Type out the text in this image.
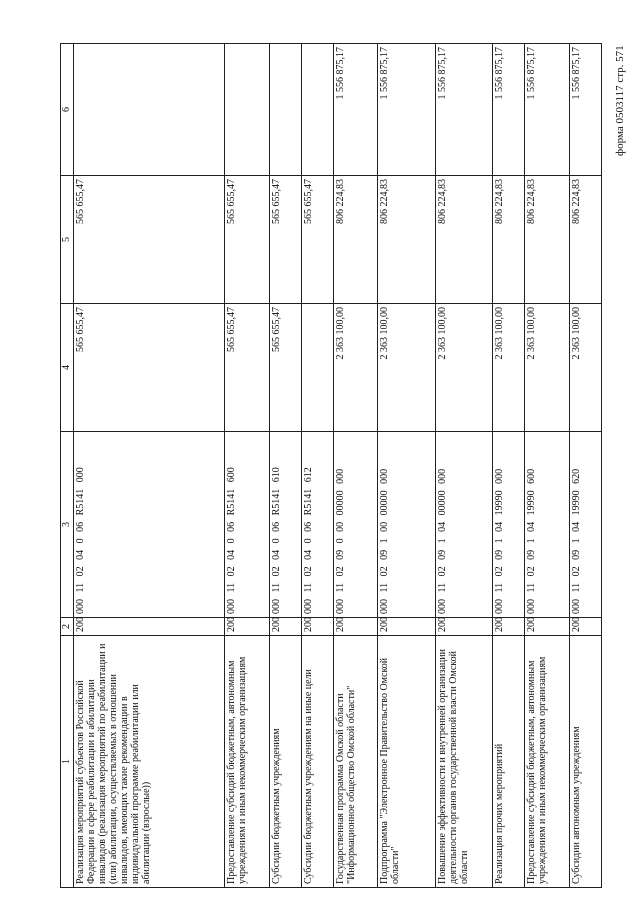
форма 0503117 стр. 571
1	2	3	4	5	6
Реализация мероприятий субъектов Российской Федерации в сфере реабилитации и абилитации инвалидов (реализация мероприятий по реабилитации и (или) абилитации, осуществляемых в отношении инвалидов, имеющих такие рекомендации в индивидуальной программе реабилитации или абилитации (взрослые))	200	000 11 02 04 0 06 R5141 000	565 655,47	565 655,47	
Предоставление субсидий бюджетным, автономным учреждениям и иным некоммерческим организациям	200	000 11 02 04 0 06 R5141 600	565 655,47	565 655,47	
Субсидии бюджетным учреждениям	200	000 11 02 04 0 06 R5141 610	565 655,47	565 655,47	
Субсидии бюджетным учреждениям на иные цели	200	000 11 02 04 0 06 R5141 612		565 655,47	
Государственная программа Омской области "Информационное общество Омской области"	200	000 11 02 09 0 00 00000 000	2 363 100,00	806 224,83	1 556 875,17
Подпрограмма "Электронное Правительство Омской области"	200	000 11 02 09 1 00 00000 000	2 363 100,00	806 224,83	1 556 875,17
Повышение эффективности и внутренней организации деятельности органов государственной власти Омской области	200	000 11 02 09 1 04 00000 000	2 363 100,00	806 224,83	1 556 875,17
Реализация прочих мероприятий	200	000 11 02 09 1 04 19990 000	2 363 100,00	806 224,83	1 556 875,17
Предоставление субсидий бюджетным, автономным учреждениям и иным некоммерческим организациям	200	000 11 02 09 1 04 19990 600	2 363 100,00	806 224,83	1 556 875,17
Субсидии автономным учреждениям	200	000 11 02 09 1 04 19990 620	2 363 100,00	806 224,83	1 556 875,17
